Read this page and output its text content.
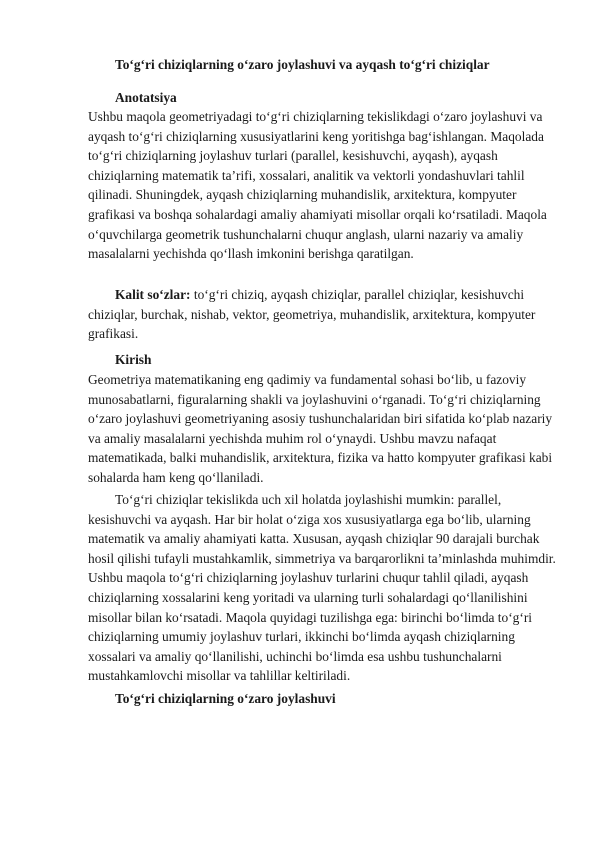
To‘g‘ri chiziqlarning o‘zaro joylashuvi va ayqash to‘g‘ri chiziqlar

Anotatsiya

Ushbu maqola geometriyadagi to‘g‘ri chiziqlarning tekislikdagi o‘zaro joylashuvi va ayqash to‘g‘ri chiziqlarning xususiyatlarini keng yoritishga bag‘ishlangan. Maqolada to‘g‘ri chiziqlarning joylashuv turlari (parallel, kesishuvchi, ayqash), ayqash chiziqlarning matematik ta’rifi, xossalari, analitik va vektorli yondashuvlari tahlil qilinadi. Shuningdek, ayqash chiziqlarning muhandislik, arxitektura, kompyuter grafikasi va boshqa sohalardagi amaliy ahamiyati misollar orqali ko‘rsatiladi. Maqola o‘quvchilarga geometrik tushunchalarni chuqur anglash, ularni nazariy va amaliy masalalarni yechishda qo‘llash imkonini berishga qaratilgan.

Kalit so‘zlar: to‘g‘ri chiziq, ayqash chiziqlar, parallel chiziqlar, kesishuvchi chiziqlar, burchak, nishab, vektor, geometriya, muhandislik, arxitektura, kompyuter grafikasi.

Kirish

Geometriya matematikaning eng qadimiy va fundamental sohasi bo‘lib, u fazoviy munosabatlarni, figuralarning shakli va joylashuvini o‘rganadi. To‘g‘ri chiziqlarning o‘zaro joylashuvi geometriyaning asosiy tushunchalaridan biri sifatida ko‘plab nazariy va amaliy masalalarni yechishda muhim rol o‘ynaydi. Ushbu mavzu nafaqat matematikada, balki muhandislik, arxitektura, fizika va hatto kompyuter grafikasi kabi sohalarda ham keng qo‘llaniladi.

To‘g‘ri chiziqlar tekislikda uch xil holatda joylashishi mumkin: parallel, kesishuvchi va ayqash. Har bir holat o‘ziga xos xususiyatlarga ega bo‘lib, ularning matematik va amaliy ahamiyati katta. Xususan, ayqash chiziqlar 90 darajali burchak hosil qilishi tufayli mustahkamlik, simmetriya va barqarorlikni ta’minlashda muhimdir. Ushbu maqola to‘g‘ri chiziqlarning joylashuv turlarini chuqur tahlil qiladi, ayqash chiziqlarning xossalarini keng yoritadi va ularning turli sohalardagi qo‘llanilishini misollar bilan ko‘rsatadi. Maqola quyidagi tuzilishga ega: birinchi bo‘limda to‘g‘ri chiziqlarning umumiy joylashuv turlari, ikkinchi bo‘limda ayqash chiziqlarning xossalari va amaliy qo‘llanilishi, uchinchi bo‘limda esa ushbu tushunchalarni mustahkamlovchi misollar va tahlillar keltiriladi.

To‘g‘ri chiziqlarning o‘zaro joylashuvi
